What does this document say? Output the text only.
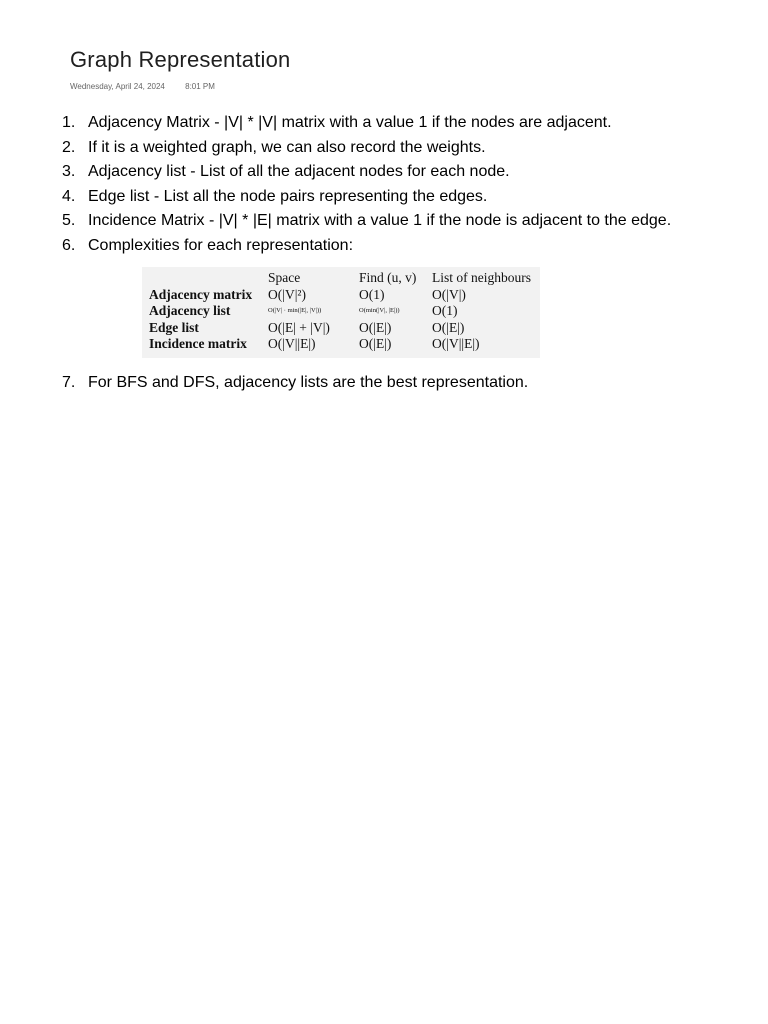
Graph Representation
Wednesday, April 24, 2024	8:01 PM
1. Adjacency Matrix - |V| * |V| matrix with a value 1 if the nodes are adjacent.
2. If it is a weighted graph, we can also record the weights.
3. Adjacency list - List of all the adjacent nodes for each node.
4. Edge list - List all the node pairs representing the edges.
5. Incidence Matrix - |V| * |E| matrix with a value 1 if the node is adjacent to the edge.
6. Complexities for each representation:
	Space	Find (u, v)	List of neighbours
Adjacency matrix	O(|V|²)	O(1)	O(|V|)
Adjacency list	O(|V| · min(|E|, |V|))	O(min(|V|, |E|))	O(1)
Edge list	O(|E| + |V|)	O(|E|)	O(|E|)
Incidence matrix	O(|V||E|)	O(|E|)	O(|V||E|)
7. For BFS and DFS, adjacency lists are the best representation.
